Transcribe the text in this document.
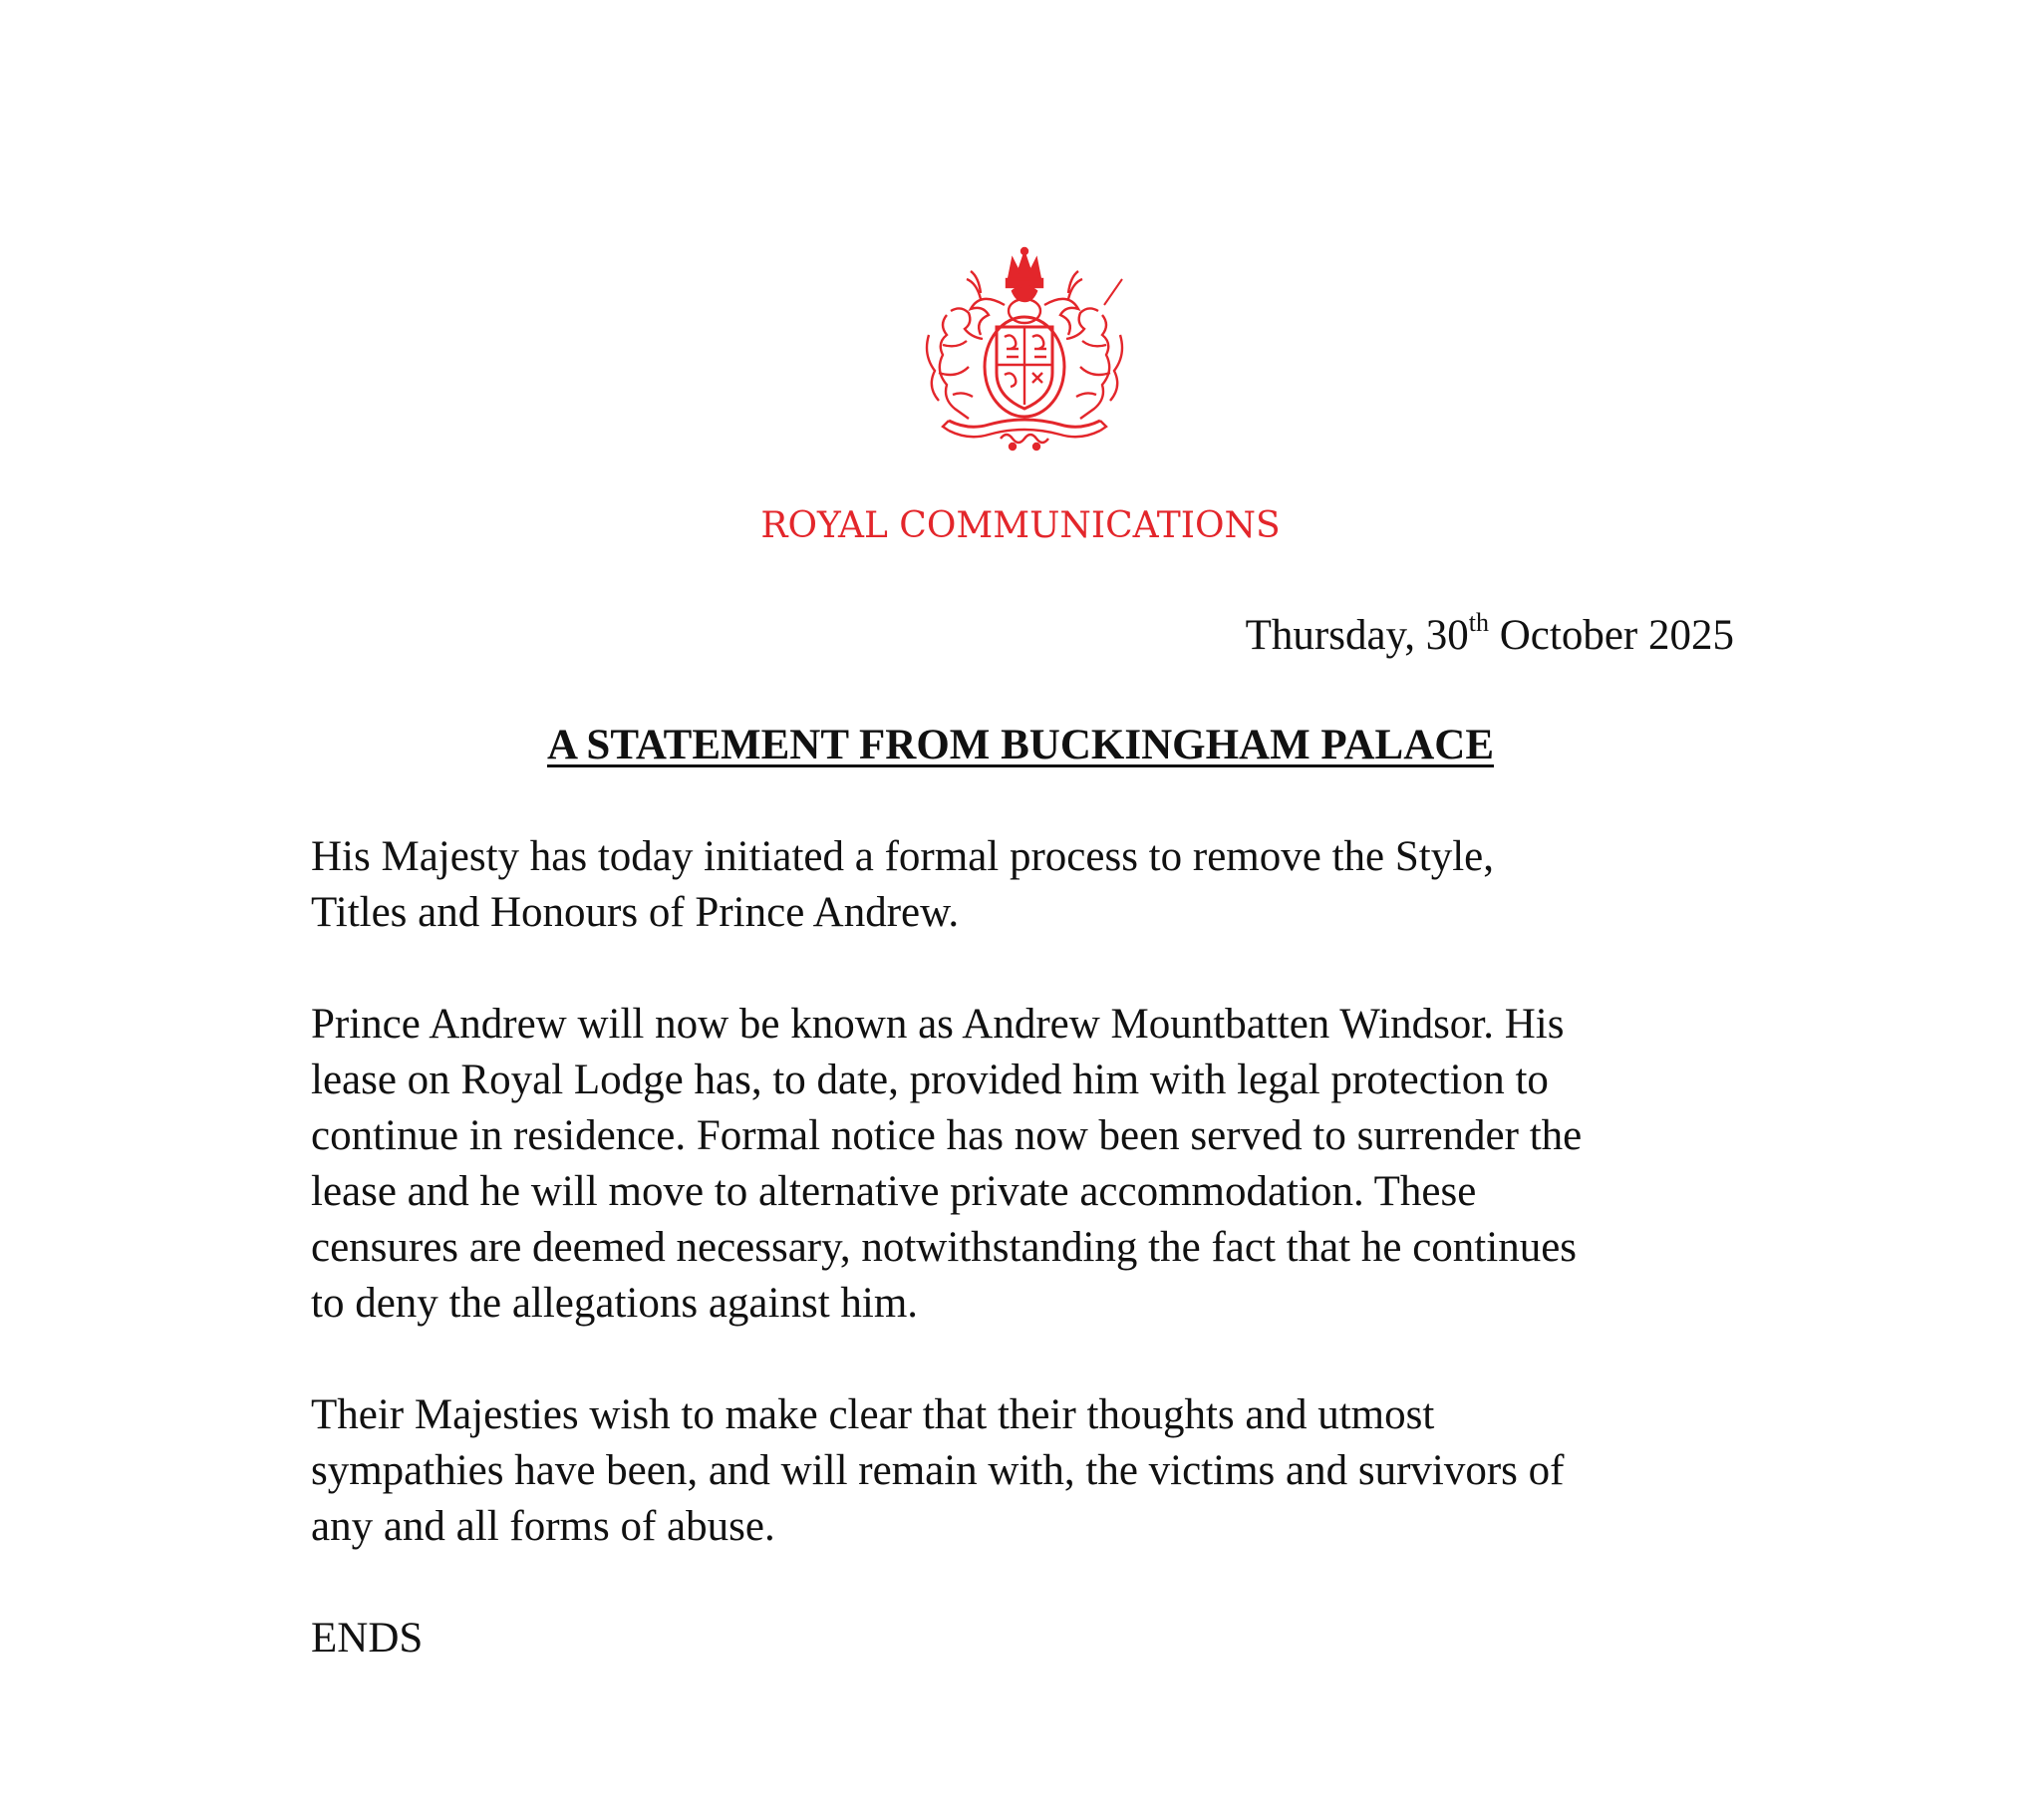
ROYAL COMMUNICATIONS
Thursday, 30th October 2025
A STATEMENT FROM BUCKINGHAM PALACE

His Majesty has today initiated a formal process to remove the Style,
Titles and Honours of Prince Andrew.

Prince Andrew will now be known as Andrew Mountbatten Windsor. His
lease on Royal Lodge has, to date, provided him with legal protection to
continue in residence. Formal notice has now been served to surrender the
lease and he will move to alternative private accommodation. These
censures are deemed necessary, notwithstanding the fact that he continues
to deny the allegations against him.

Their Majesties wish to make clear that their thoughts and utmost
sympathies have been, and will remain with, the victims and survivors of
any and all forms of abuse.

ENDS
